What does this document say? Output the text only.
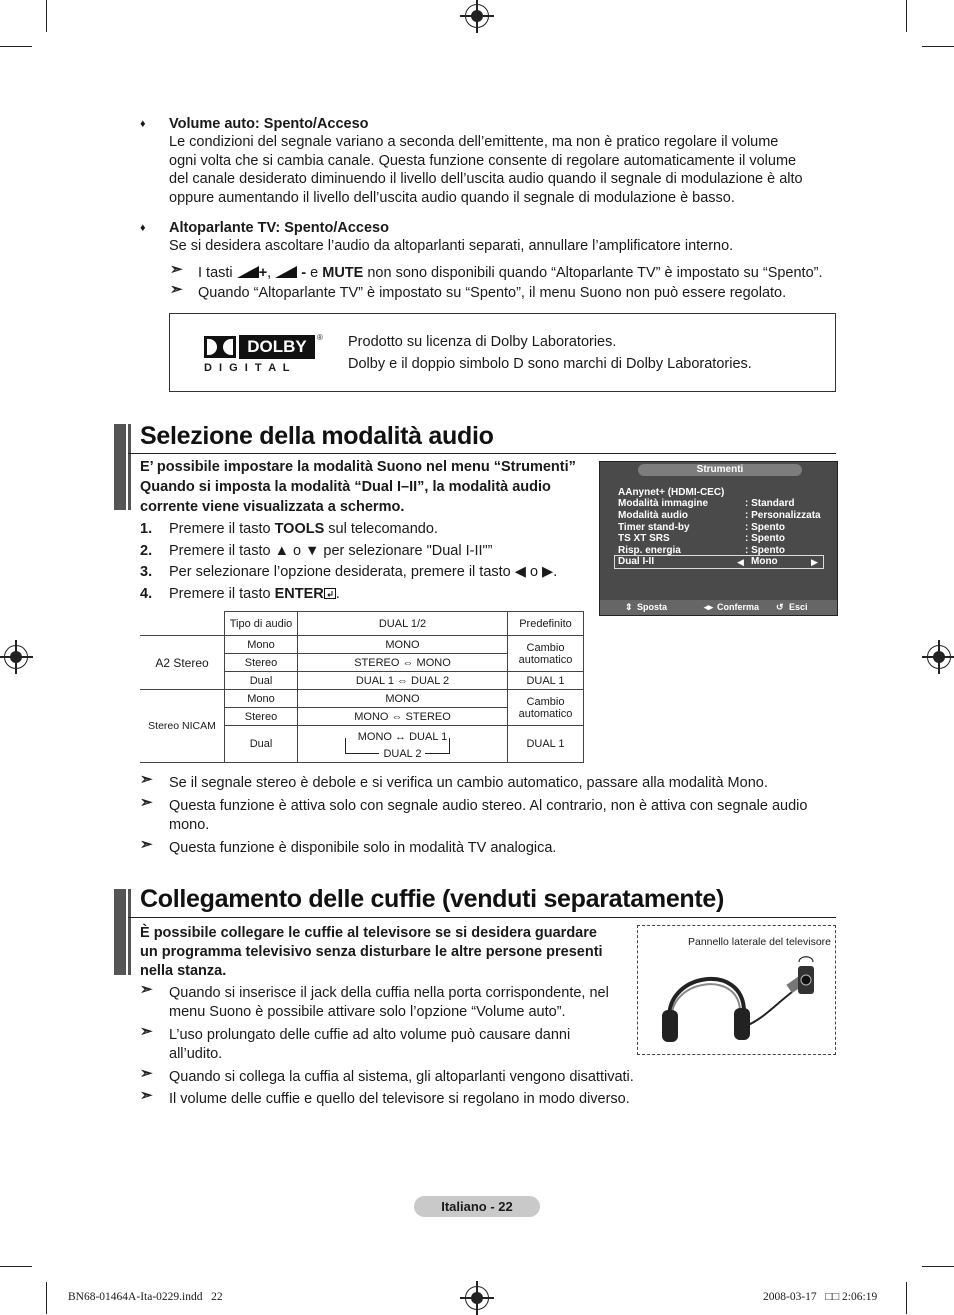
♦ Volume auto: Spento/Acceso
Le condizioni del segnale variano a seconda dell’emittente, ma non è pratico regolare il volume
ogni volta che si cambia canale. Questa funzione consente di regolare automaticamente il volume
del canale desiderato diminuendo il livello dell’uscita audio quando il segnale di modulazione è alto
oppure aumentando il livello dell’uscita audio quando il segnale di modulazione è basso.
♦ Altoparlante TV: Spento/Acceso
Se si desidera ascoltare l’audio da altoparlanti separati, annullare l’amplificatore interno.
➣ I tasti +, - e MUTE non sono disponibili quando “Altoparlante TV” è impostato su “Spento”.
➣ Quando “Altoparlante TV” è impostato su “Spento”, il menu Suono non può essere regolato.
DOLBY	®
D I G I T A L
Prodotto su licenza di Dolby Laboratories.
Dolby e il doppio simbolo D sono marchi di Dolby Laboratories.
Selezione della modalità audio
E’ possibile impostare la modalità Suono nel menu “Strumenti”
Quando si imposta la modalità “Dual I–II”, la modalità audio
corrente viene visualizzata a schermo.
1. Premere il tasto TOOLS sul telecomando.
2. Premere il tasto ▲ o ▼ per selezionare "Dual I-II"”
3. Per selezionare l’opzione desiderata, premere il tasto ◀ o ▶.
4. Premere il tasto ENTER .
Strumenti
AAnynet+ (HDMI-CEC)
Modalità immagine	: Standard
Modalità audio	: Personalizzata
Timer stand-by	: Spento
TS XT SRS	: Spento
Risp. energia	: Spento
Dual I-II	◀ Mono	▶
⇕ Sposta	◂▸ Conferma ↺ Esci
	Tipo di audio	DUAL 1/2	Predefinito
A2 Stereo	Mono	MONO	Cambio
automatico
	Stereo	STEREO ⇔ MONO	
	Dual	DUAL 1 ⇔ DUAL 2	DUAL 1
Stereo NICAM	Mono	MONO	Cambio
automatico
	Stereo	MONO ⇔ STEREO	
	Dual	MONO ↔ DUAL 1
DUAL 2	DUAL 1
➣ Se il segnale stereo è debole e si verifica un cambio automatico, passare alla modalità Mono.
➣ Questa funzione è attiva solo con segnale audio stereo. Al contrario, non è attiva con segnale audio
mono.
➣ Questa funzione è disponibile solo in modalità TV analogica.
Collegamento delle cuffie (venduti separatamente)
È possibile collegare le cuffie al televisore se si desidera guardare
un programma televisivo senza disturbare le altre persone presenti
nella stanza.
➣ Quando si inserisce il jack della cuffia nella porta corrispondente, nel
menu Suono è possibile attivare solo l’opzione “Volume auto”.
➣ L’uso prolungato delle cuffie ad alto volume può causare danni
all’udito.
➣ Quando si collega la cuffia al sistema, gli altoparlanti vengono disattivati.
➣ Il volume delle cuffie e quello del televisore si regolano in modo diverso.
Pannello laterale del televisore
Italiano - 22
BN68-01464A-Ita-0229.indd   22	2008-03-17   □□ 2:06:19
